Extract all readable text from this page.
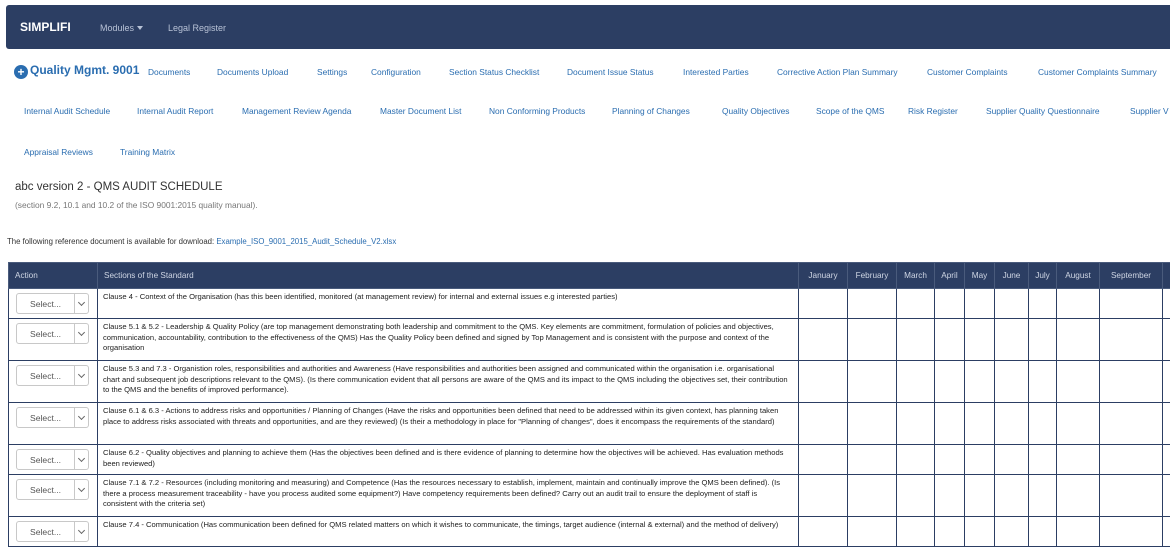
SIMPLIFI	Modules	Legal Register
+ Quality Mgmt. 9001 Documents	Documents Upload	Settings	Configuration	Section Status Checklist	Document Issue Status	Interested Parties	Corrective Action Plan Summary	Customer Complaints	Customer Complaints Summary
Internal Audit Schedule	Internal Audit Report	Management Review Agenda	Master Document List	Non Conforming Products	Planning of Changes	Quality Objectives	Scope of the QMS	Risk Register	Supplier Quality Questionnaire	Supplier V
Appraisal Reviews	Training Matrix
abc version 2 - QMS AUDIT SCHEDULE
(section 9.2, 10.1 and 10.2 of the ISO 9001:2015 quality manual).
The following reference document is available for download: Example_ISO_9001_2015_Audit_Schedule_V2.xlsx
Action	Sections of the Standard	January	February	March	April	May	June	July	August	September	

Select...	Clause 4 - Context of the Organisation (has this been identified, monitored (at management review) for internal and external issues e.g interested parties)										

Select...	Clause 5.1 & 5.2 - Leadership & Quality Policy (are top management demonstrating both leadership and commitment to the QMS. Key elements are commitment, formulation of policies and objectives, communication, accountability, contribution to the effectiveness of the QMS) Has the Quality Policy been defined and signed by Top Management and is consistent with the purpose and context of the organisation										

Select...	Clause 5.3 and 7.3 - Organistion roles, responsibilities and authorities and Awareness (Have responsibilities and authorities been assigned and communicated within the organisation i.e. organisational chart and subsequent job descriptions relevant to the QMS). (Is there communication evident that all persons are aware of the QMS and its impact to the QMS including the objectives set, their contribution to the QMS and the benefits of improved performance).										

Select...	Clause 6.1 & 6.3 - Actions to address risks and opportunities / Planning of Changes (Have the risks and opportunities been defined that need to be addressed within its given context, has planning taken place to address risks associated with threats and opportunities, and are they reviewed) (Is their a methodology in place for "Planning of changes", does it encompass the requirements of the standard)										

Select...	Clause 6.2 - Quality objectives and planning to achieve them (Has the objectives been defined and is there evidence of planning to determine how the objectives will be achieved. Has evaluation methods been reviewed)										

Select...	Clause 7.1 & 7.2 - Resources (including monitoring and measuring) and Competence (Has the resources necessary to establish, implement, maintain and continually improve the QMS been defined). (Is there a process measurement traceability - have you process audited some equipment?) Have competency requirements been defined? Carry out an audit trail to ensure the deployment of staff is consistent with the criteria set)										

Select...	Clause 7.4 - Communication (Has communication been defined for QMS related matters on which it wishes to communicate, the timings, target audience (internal & external) and the method of delivery)										
